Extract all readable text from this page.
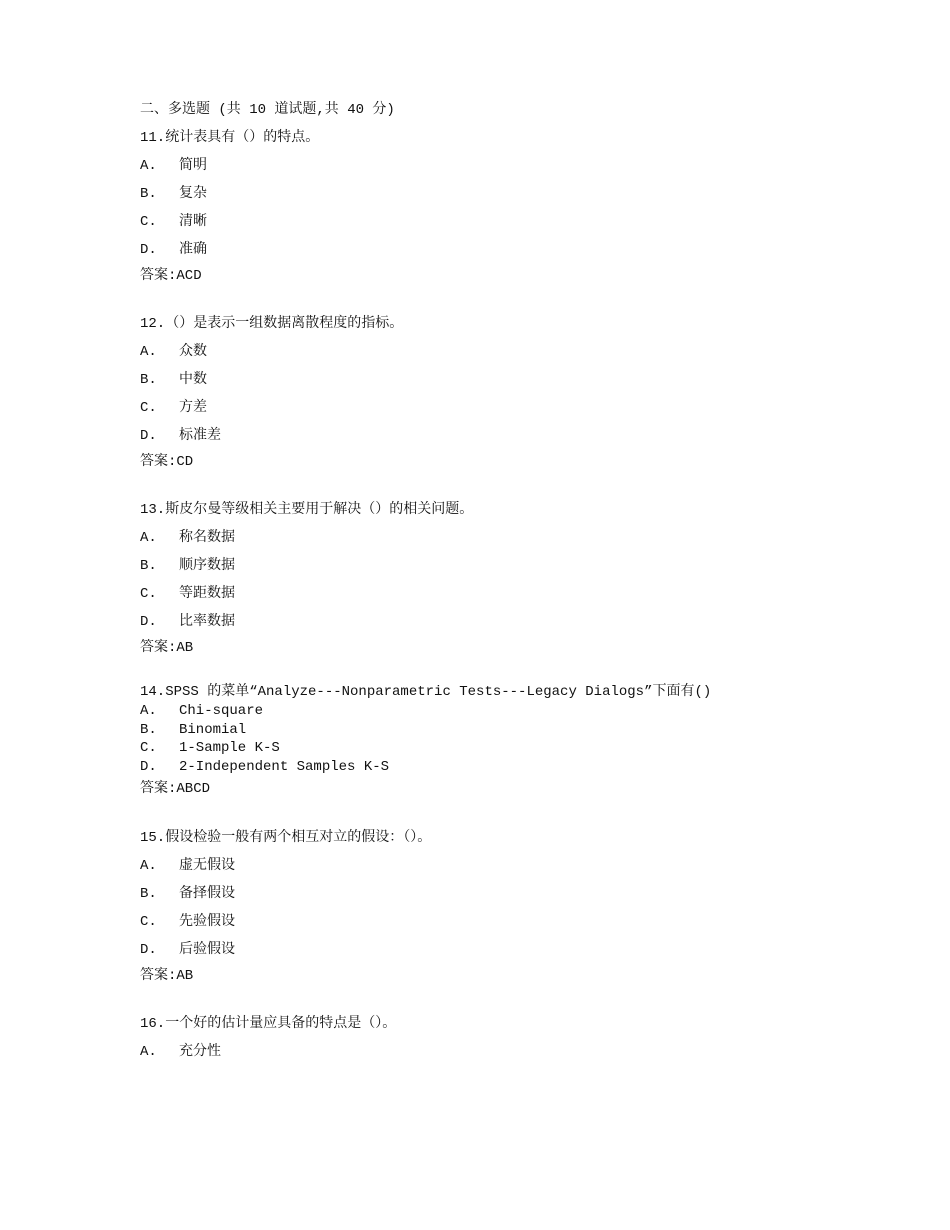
二、多选题 (共 10 道试题,共 40 分)
11.统计表具有（）的特点。
A.	简明
B.	复杂
C.	清晰
D.	准确
答案:ACD
12.（）是表示一组数据离散程度的指标。
A.	众数
B.	中数
C.	方差
D.	标准差
答案:CD
13.斯皮尔曼等级相关主要用于解决（）的相关问题。
A.	称名数据
B.	顺序数据
C.	等距数据
D.	比率数据
答案:AB
14.SPSS 的菜单“Analyze---Nonparametric Tests---Legacy Dialogs”下面有()
A.	Chi-square
B.	Binomial
C.	1-Sample K-S
D.	2-Independent Samples K-S
答案:ABCD
15.假设检验一般有两个相互对立的假设：（）。
A.	虚无假设
B.	备择假设
C.	先验假设
D.	后验假设
答案:AB
16.一个好的估计量应具备的特点是（）。
A.	充分性
